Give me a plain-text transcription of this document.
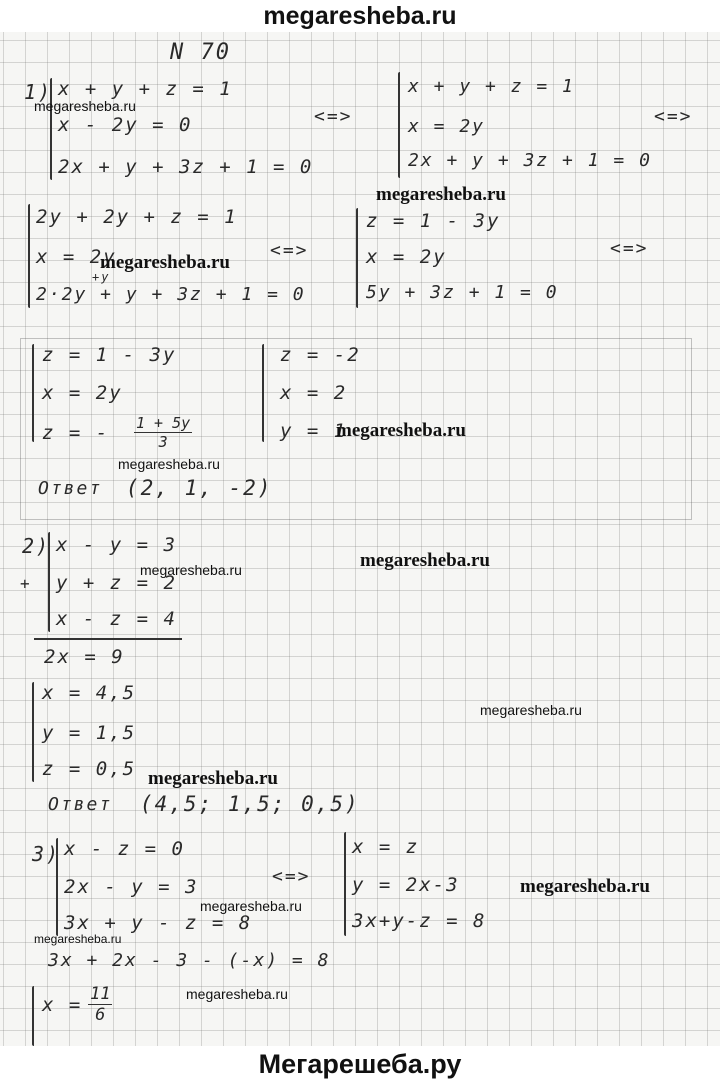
megaresheba.ru
N 70
1) x + y + z = 1
x - 2y = 0
2x + y + 3z + 1 = 0
<=>
x + y + z = 1
x = 2y
2x + y + 3z + 1 = 0
<=>
2y + 2y + z = 1
x = 2y
+y
2·2y + y + 3z + 1 = 0
<=>
z = 1 - 3y
x = 2y
5y + 3z + 1 = 0
<=>
z = 1 - 3y
x = 2y
z = - $\frac{1 + 5y}{3}$
z = -2
x = 2
y = 1
Ответ (2, 1, -2)
2)
+
x - y = 3
y + z = 2
x - z = 4
2x = 9
x = 4,5
y = 1,5
z = 0,5
Ответ (4,5; 1,5; 0,5)
3) x - z = 0
2x - y = 3
3x + y - z = 8
<=>
x = z
y = 2x-3
3x+y-z = 8
3x + 2x - 3 - (-x) = 8
$x = \frac{11}{6}$
megaresheba.ru
megaresheba.ru
megaresheba.ru
megaresheba.ru
megaresheba.ru
megaresheba.ru	megaresheba.ru
megaresheba.ru
megaresheba.ru
megaresheba.ru
megaresheba.ru
megaresheba.ru
megaresheba.ru
Мегарешеба.ру
